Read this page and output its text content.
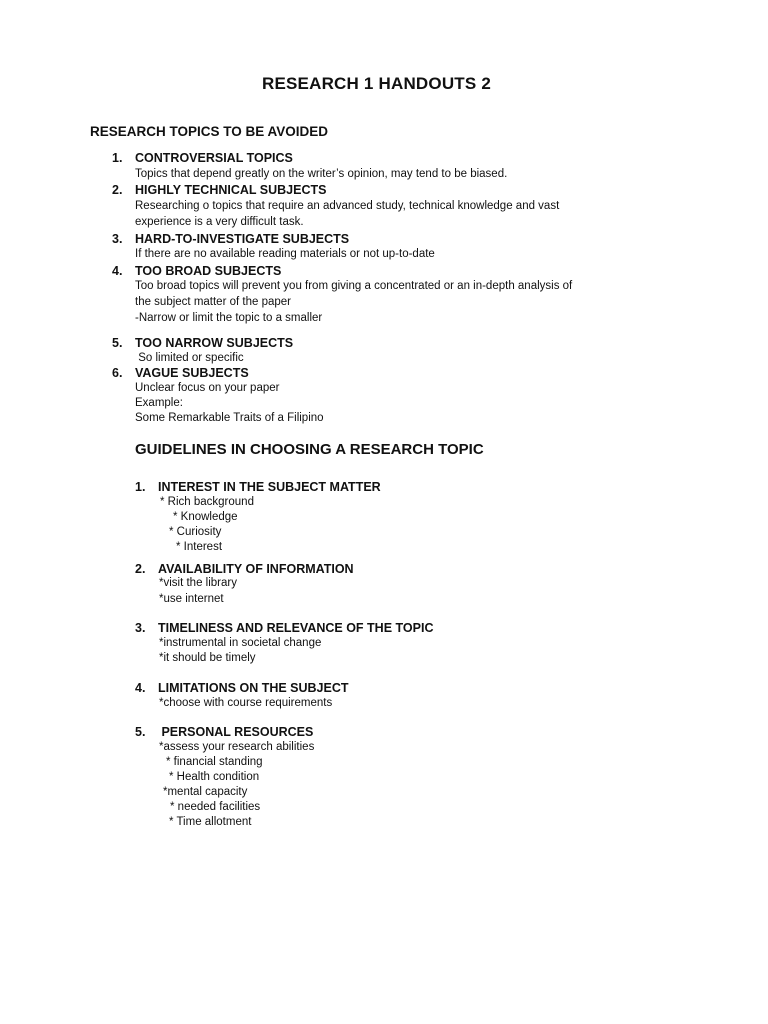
RESEARCH 1 HANDOUTS 2
RESEARCH TOPICS TO BE AVOIDED
1. CONTROVERSIAL TOPICS
Topics that depend greatly on the writer’s opinion, may tend to be biased.
2. HIGHLY TECHNICAL SUBJECTS
Researching o topics that require an advanced study, technical knowledge and vast
experience is a very difficult task.
3. HARD-TO-INVESTIGATE SUBJECTS
If there are no available reading materials or not up-to-date
4. TOO BROAD SUBJECTS
Too broad topics will prevent you from giving a concentrated or an in-depth analysis of
the subject matter of the paper
-Narrow or limit the topic to a smaller
5. TOO NARROW SUBJECTS
So limited or specific
6. VAGUE SUBJECTS
Unclear focus on your paper
Example:
Some Remarkable Traits of a Filipino
GUIDELINES IN CHOOSING A RESEARCH TOPIC
1. INTEREST IN THE SUBJECT MATTER
* Rich background
* Knowledge
* Curiosity
* Interest
2. AVAILABILITY OF INFORMATION
*visit the library
*use internet
3. TIMELINESS AND RELEVANCE OF THE TOPIC
*instrumental in societal change
*it should be timely
4. LIMITATIONS ON THE SUBJECT
*choose with course requirements
5. PERSONAL RESOURCES
*assess your research abilities
* financial standing
* Health condition
*mental capacity
* needed facilities
* Time allotment
